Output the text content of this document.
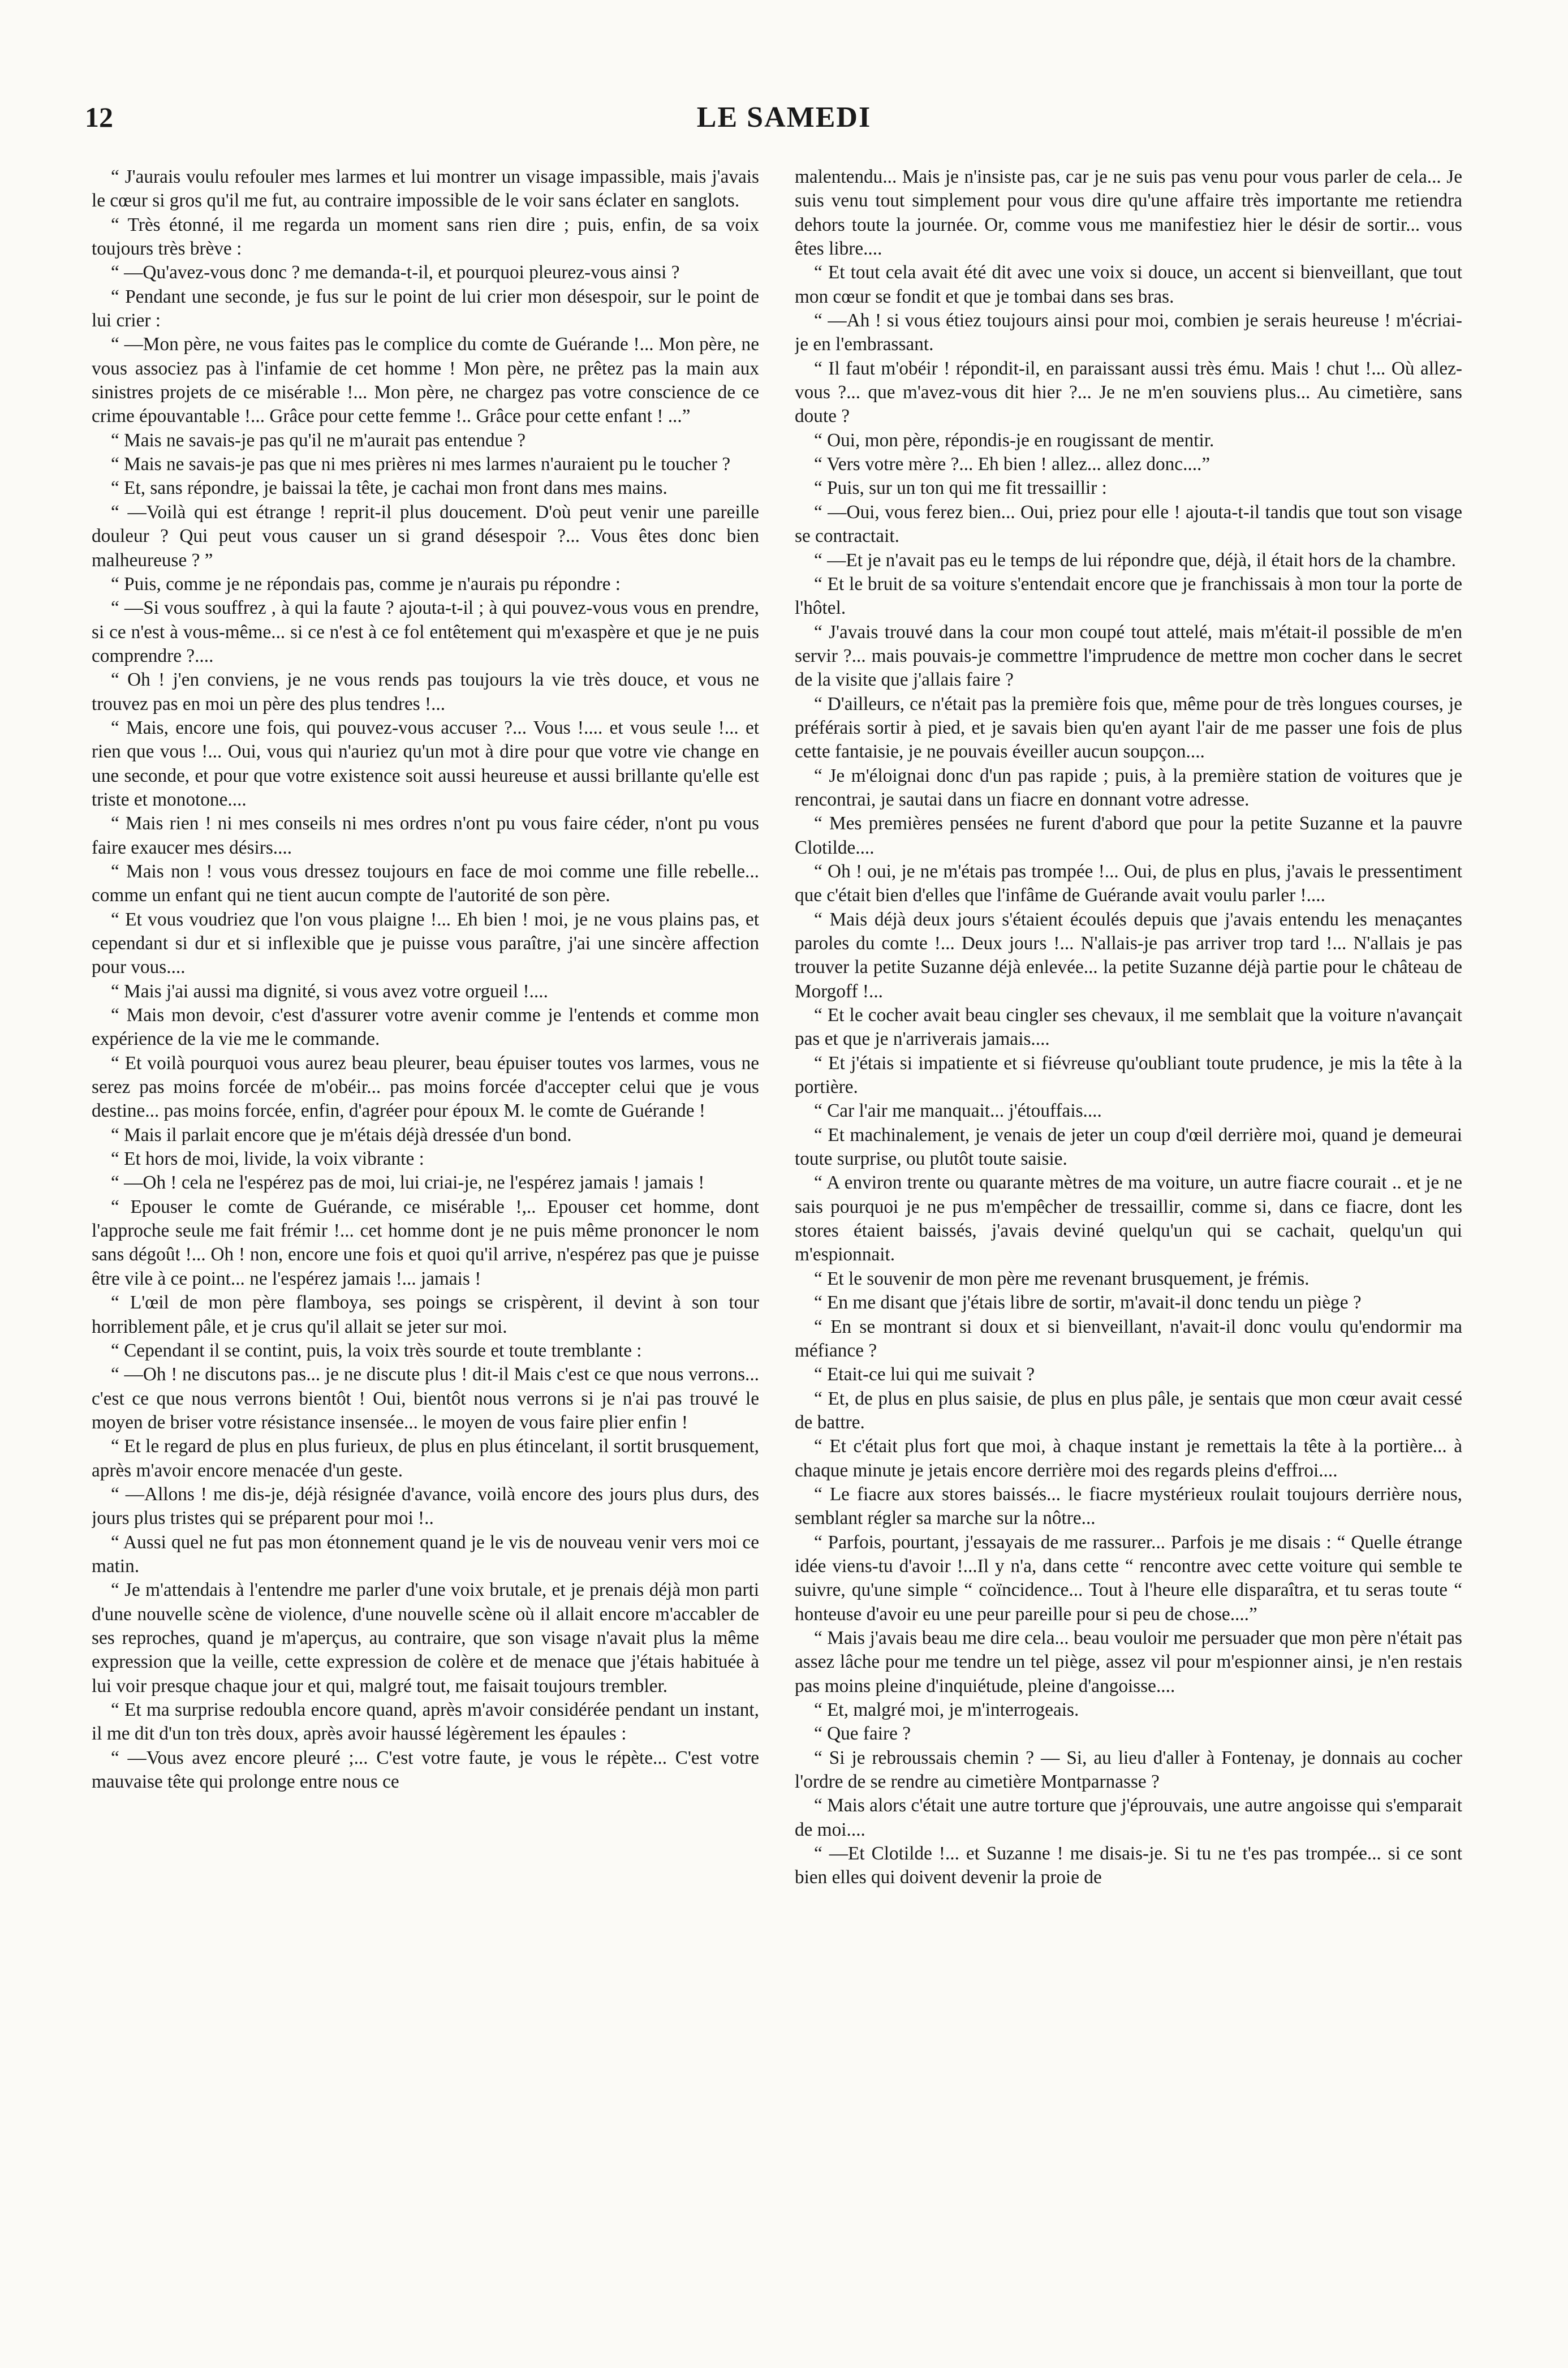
12	LE SAMEDI

“ J'aurais voulu refouler mes larmes et lui montrer un visage impassible, mais j'avais le cœur si gros qu'il me fut, au contraire impossible de le voir sans éclater en sanglots.

“ Très étonné, il me regarda un moment sans rien dire ; puis, enfin, de sa voix toujours très brève :

“ —Qu'avez-vous donc ? me demanda-t-il, et pourquoi pleurez-vous ainsi ?

“ Pendant une seconde, je fus sur le point de lui crier mon désespoir, sur le point de lui crier :

“ —Mon père, ne vous faites pas le complice du comte de Guérande !... Mon père, ne vous associez pas à l'infamie de cet homme ! Mon père, ne prêtez pas la main aux sinistres projets de ce misérable !... Mon père, ne chargez pas votre conscience de ce crime épouvantable !... Grâce pour cette femme !.. Grâce pour cette enfant ! ...”

“ Mais ne savais-je pas qu'il ne m'aurait pas entendue ?

“ Mais ne savais-je pas que ni mes prières ni mes larmes n'auraient pu le toucher ?

“ Et, sans répondre, je baissai la tête, je cachai mon front dans mes mains.

“ —Voilà qui est étrange ! reprit-il plus doucement. D'où peut venir une pareille douleur ? Qui peut vous causer un si grand désespoir ?... Vous êtes donc bien malheureuse ? ”

“ Puis, comme je ne répondais pas, comme je n'aurais pu répondre :

“ —Si vous souffrez , à qui la faute ? ajouta-t-il ; à qui pouvez-vous vous en prendre, si ce n'est à vous-même... si ce n'est à ce fol entêtement qui m'exaspère et que je ne puis comprendre ?....

“ Oh ! j'en conviens, je ne vous rends pas toujours la vie très douce, et vous ne trouvez pas en moi un père des plus tendres !...

“ Mais, encore une fois, qui pouvez-vous accuser ?... Vous !.... et vous seule !... et rien que vous !... Oui, vous qui n'auriez qu'un mot à dire pour que votre vie change en une seconde, et pour que votre existence soit aussi heureuse et aussi brillante qu'elle est triste et monotone....

“ Mais rien ! ni mes conseils ni mes ordres n'ont pu vous faire céder, n'ont pu vous faire exaucer mes désirs....

“ Mais non ! vous vous dressez toujours en face de moi comme une fille rebelle... comme un enfant qui ne tient aucun compte de l'autorité de son père.

“ Et vous voudriez que l'on vous plaigne !... Eh bien ! moi, je ne vous plains pas, et cependant si dur et si inflexible que je puisse vous paraître, j'ai une sincère affection pour vous....

“ Mais j'ai aussi ma dignité, si vous avez votre orgueil !....

“ Mais mon devoir, c'est d'assurer votre avenir comme je l'entends et comme mon expérience de la vie me le commande.

“ Et voilà pourquoi vous aurez beau pleurer, beau épuiser toutes vos larmes, vous ne serez pas moins forcée de m'obéir... pas moins forcée d'accepter celui que je vous destine... pas moins forcée, enfin, d'agréer pour époux M. le comte de Guérande !

“ Mais il parlait encore que je m'étais déjà dressée d'un bond.

“ Et hors de moi, livide, la voix vibrante :

“ —Oh ! cela ne l'espérez pas de moi, lui criai-je, ne l'espérez jamais ! jamais !

“ Epouser le comte de Guérande, ce misérable !,.. Epouser cet homme, dont l'approche seule me fait frémir !... cet homme dont je ne puis même prononcer le nom sans dégoût !... Oh ! non, encore une fois et quoi qu'il arrive, n'espérez pas que je puisse être vile à ce point... ne l'espérez jamais !... jamais !

“ L'œil de mon père flamboya, ses poings se crispèrent, il devint à son tour horriblement pâle, et je crus qu'il allait se jeter sur moi.

“ Cependant il se contint, puis, la voix très sourde et toute tremblante :

“ —Oh ! ne discutons pas... je ne discute plus ! dit-il Mais c'est ce que nous verrons... c'est ce que nous verrons bientôt ! Oui, bientôt nous verrons si je n'ai pas trouvé le moyen de briser votre résistance insensée... le moyen de vous faire plier enfin !

“ Et le regard de plus en plus furieux, de plus en plus étincelant, il sortit brusquement, après m'avoir encore menacée d'un geste.

“ —Allons ! me dis-je, déjà résignée d'avance, voilà encore des jours plus durs, des jours plus tristes qui se préparent pour moi !..

“ Aussi quel ne fut pas mon étonnement quand je le vis de nouveau venir vers moi ce matin.

“ Je m'attendais à l'entendre me parler d'une voix brutale, et je prenais déjà mon parti d'une nouvelle scène de violence, d'une nouvelle scène où il allait encore m'accabler de ses reproches, quand je m'aperçus, au contraire, que son visage n'avait plus la même expression que la veille, cette expression de colère et de menace que j'étais habituée à lui voir presque chaque jour et qui, malgré tout, me faisait toujours trembler.

“ Et ma surprise redoubla encore quand, après m'avoir considérée pendant un instant, il me dit d'un ton très doux, après avoir haussé légèrement les épaules :

“ —Vous avez encore pleuré ;... C'est votre faute, je vous le répète... C'est votre mauvaise tête qui prolonge entre nous ce

malentendu... Mais je n'insiste pas, car je ne suis pas venu pour vous parler de cela... Je suis venu tout simplement pour vous dire qu'une affaire très importante me retiendra dehors toute la journée. Or, comme vous me manifestiez hier le désir de sortir... vous êtes libre....

“ Et tout cela avait été dit avec une voix si douce, un accent si bienveillant, que tout mon cœur se fondit et que je tombai dans ses bras.

“ —Ah ! si vous étiez toujours ainsi pour moi, combien je serais heureuse ! m'écriai-je en l'embrassant.

“ Il faut m'obéir ! répondit-il, en paraissant aussi très ému. Mais ! chut !... Où allez-vous ?... que m'avez-vous dit hier ?... Je ne m'en souviens plus... Au cimetière, sans doute ?

“ Oui, mon père, répondis-je en rougissant de mentir.

“ Vers votre mère ?... Eh bien ! allez... allez donc....”

“ Puis, sur un ton qui me fit tressaillir :

“ —Oui, vous ferez bien... Oui, priez pour elle ! ajouta-t-il tandis que tout son visage se contractait.

“ —Et je n'avait pas eu le temps de lui répondre que, déjà, il était hors de la chambre.

“ Et le bruit de sa voiture s'entendait encore que je franchissais à mon tour la porte de l'hôtel.

“ J'avais trouvé dans la cour mon coupé tout attelé, mais m'était-il possible de m'en servir ?... mais pouvais-je commettre l'imprudence de mettre mon cocher dans le secret de la visite que j'allais faire ?

“ D'ailleurs, ce n'était pas la première fois que, même pour de très longues courses, je préférais sortir à pied, et je savais bien qu'en ayant l'air de me passer une fois de plus cette fantaisie, je ne pouvais éveiller aucun soupçon....

“ Je m'éloignai donc d'un pas rapide ; puis, à la première station de voitures que je rencontrai, je sautai dans un fiacre en donnant votre adresse.

“ Mes premières pensées ne furent d'abord que pour la petite Suzanne et la pauvre Clotilde....

“ Oh ! oui, je ne m'étais pas trompée !... Oui, de plus en plus, j'avais le pressentiment que c'était bien d'elles que l'infâme de Guérande avait voulu parler !....

“ Mais déjà deux jours s'étaient écoulés depuis que j'avais entendu les menaçantes paroles du comte !... Deux jours !... N'allais-je pas arriver trop tard !... N'allais je pas trouver la petite Suzanne déjà enlevée... la petite Suzanne déjà partie pour le château de Morgoff !...

“ Et le cocher avait beau cingler ses chevaux, il me semblait que la voiture n'avançait pas et que je n'arriverais jamais....

“ Et j'étais si impatiente et si fiévreuse qu'oubliant toute prudence, je mis la tête à la portière.

“ Car l'air me manquait... j'étouffais....

“ Et machinalement, je venais de jeter un coup d'œil derrière moi, quand je demeurai toute surprise, ou plutôt toute saisie.

“ A environ trente ou quarante mètres de ma voiture, un autre fiacre courait .. et je ne sais pourquoi je ne pus m'empêcher de tressaillir, comme si, dans ce fiacre, dont les stores étaient baissés, j'avais deviné quelqu'un qui se cachait, quelqu'un qui m'espionnait.

“ Et le souvenir de mon père me revenant brusquement, je frémis.

“ En me disant que j'étais libre de sortir, m'avait-il donc tendu un piège ?

“ En se montrant si doux et si bienveillant, n'avait-il donc voulu qu'endormir ma méfiance ?

“ Etait-ce lui qui me suivait ?

“ Et, de plus en plus saisie, de plus en plus pâle, je sentais que mon cœur avait cessé de battre.

“ Et c'était plus fort que moi, à chaque instant je remettais la tête à la portière... à chaque minute je jetais encore derrière moi des regards pleins d'effroi....

“ Le fiacre aux stores baissés... le fiacre mystérieux roulait toujours derrière nous, semblant régler sa marche sur la nôtre...

“ Parfois, pourtant, j'essayais de me rassurer... Parfois je me disais : “ Quelle étrange idée viens-tu d'avoir !...Il y n'a, dans cette “ rencontre avec cette voiture qui semble te suivre, qu'une simple “ coïncidence... Tout à l'heure elle disparaîtra, et tu seras toute “ honteuse d'avoir eu une peur pareille pour si peu de chose....”

“ Mais j'avais beau me dire cela... beau vouloir me persuader que mon père n'était pas assez lâche pour me tendre un tel piège, assez vil pour m'espionner ainsi, je n'en restais pas moins pleine d'inquiétude, pleine d'angoisse....

“ Et, malgré moi, je m'interrogeais.

“ Que faire ?

“ Si je rebroussais chemin ? — Si, au lieu d'aller à Fontenay, je donnais au cocher l'ordre de se rendre au cimetière Montparnasse ?

“ Mais alors c'était une autre torture que j'éprouvais, une autre angoisse qui s'emparait de moi....

“ —Et Clotilde !... et Suzanne ! me disais-je. Si tu ne t'es pas trompée... si ce sont bien elles qui doivent devenir la proie de
